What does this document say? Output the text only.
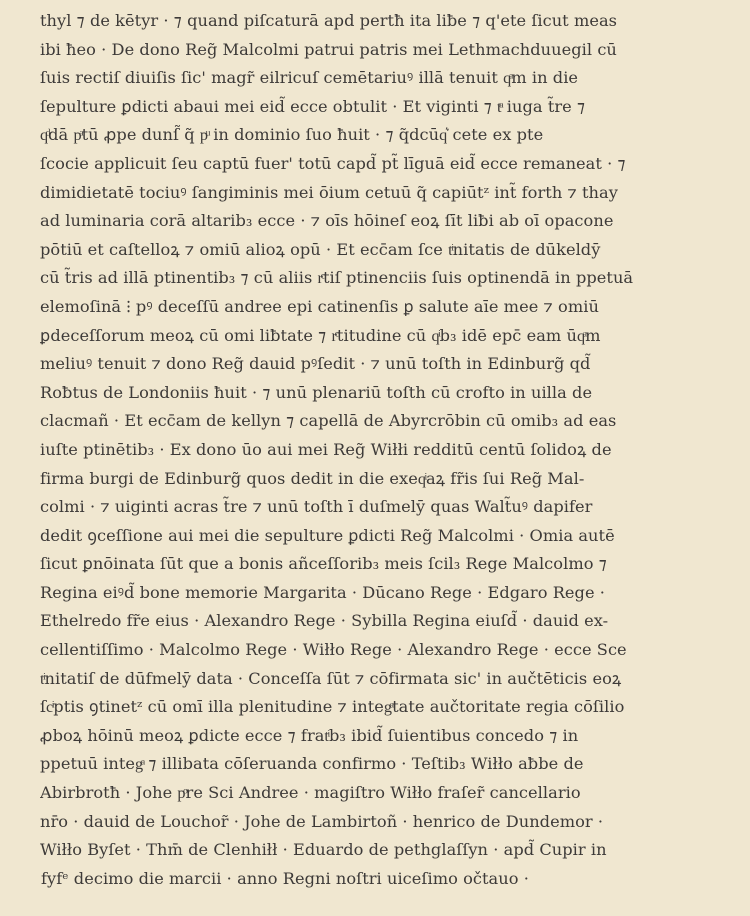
thyl ⁊ de kētyr · ⁊ quand piſcaturā apd pertħ ita liƀe ⁊ q'ete ſicut meas
ibi ħeo · De dono Reg̃ Malcolmi patrui patris mei Lethmachduuegil cū
ſuis rectiſ diuiſis ſic' magr̃ eilricuſ cemētariuꝰ illā tenuit qͣm in die
ſepulture ꝑdicti abaui mei eid̃ ecce obtulit · Et viginti ⁊ tͣ iuga t̃re ⁊
qͩdā pͣtū ꝓpe dunſ̃ q̃ pͧ in dominio ſuo ħuit · ⁊ q̃dcūq͛ cete ex pte
ſcocie applicuit ſeu captū fuer' totū capd̃ pt̃ līguā eid̃ ecce remaneat · ⁊
dimidietatē tociuꝰ ſangiminis mei ōium cetuū q̃ capiūtᶻ int̃ forth ⁊ thay
ad luminaria corā altarib₃ ecce · ⁊ oīs hōineſ eoꝝ ſīt liƀi ab oī opacone
pōtiū et caſtelloꝝ ⁊ omiū alioꝝ opū · Et ecc̄am ſce tͥnitatis de dūkeldȳ
cū t̃ris ad illā ptinentib₃ ⁊ cū aliis rͨtiſ ptinenciis ſuis optinendā in ppetuā
elemoſinā ⁝ pꝰ deceſſū andree epi catinenſis ꝑ salute aīe mee ⁊ omiū
ꝑdeceſſorum meoꝝ cū omi liƀtate ⁊ rͨtitudine cū qͥb₃ idē epc̄ eam ūqͣm
meliuꝰ tenuit ⁊ dono Reg̃ dauid pꝰſedit · ⁊ unū toſth in Edinburg̃ qd̃
Roƀtus de Londoniis ħuit · ⁊ unū plenariū toſth cū crofto in uilla de
clacmañ · Et ecc̄am de kellyn ⁊ capellā de Abyrcrōbin cū omib₃ ad eas
iuſte ptinētib₃ · Ex dono ūo aui mei Reg̃ Wiłłi redditū centū ſolidoꝝ de
firma burgi de Edinburg̃ quos dedit in die exeqͥaꝝ fr̃is ſui Reg̃ Mal-
colmi · ⁊ uiginti acras t̃re ⁊ unū toſth ī duſmelȳ quas Walt̃uꝰ dapifer
dedit ꝯceſſione aui mei die sepulture ꝑdicti Reg̃ Malcolmi · Omia autē
ſicut ꝑnōinata ſūt que a bonis añceſſorib₃ meis ſcil₃ Rege Malcolmo ⁊
Regina eiꝰd̃ bone memorie Margarita · Dūcano Rege · Edgaro Rege ·
Ethelredo fr̃e eius · Alexandro Rege · Sybilla Regina eiuſd̃ · dauid ex-
cellentiſſimo · Malcolmo Rege · Wiłło Rege · Alexandro Rege · ecce Sce
tͥnitatiſ de dūfmelȳ data · Conceſſa ſūt ⁊ cōfirmata sic' in aučtēticis eoꝝ
ſcͥptis ꝯtinetᶻ cū omī illa plenitudine ⁊ integͣtate aučtoritate regia cōſilio
ꝓboꝝ hōinū meoꝝ ꝑdicte ecce ⁊ fratͥb₃ ibid̃ ſuientibus concedo ⁊ in
ppetuū integͣ ⁊ illibata cōſeruanda confirmo · Teſtib₃ Wiłło aƀbe de
Abirbrotħ · Johe pͦre Sci Andree · magiſtro Wiłło fraſer̃ cancellario
nr̄o · dauid de Louchor̃ · Johe de Lambirtoñ · henrico de Dundemor ·
Wiłło Byſet · Thm̄ de Clenhiłł · Eduardo de pethglaſſyn · apd̃ Cupir in
fyfᵉ decimo die marcii · anno Regni noſtri uiceſimo očtauo ·
